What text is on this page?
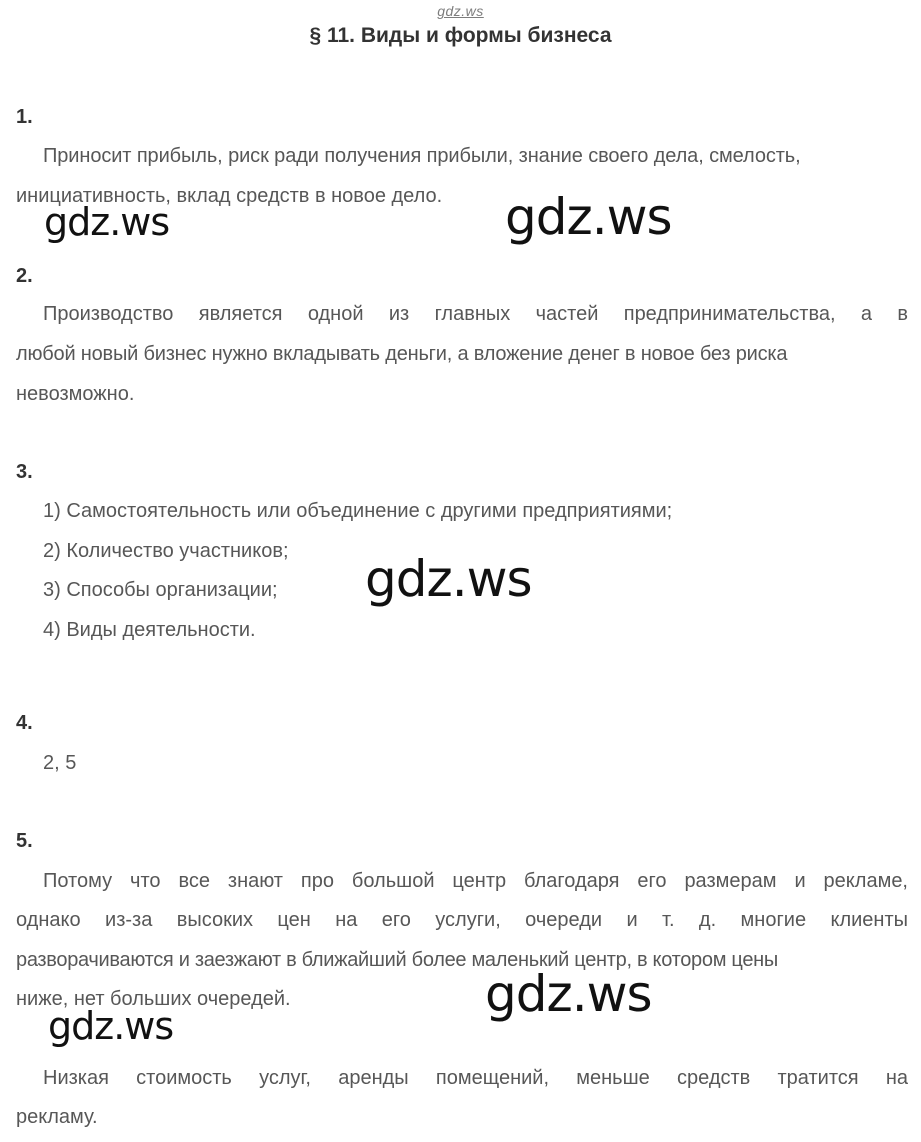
gdz.ws
§ 11. Виды и формы бизнеса
1.
Приносит прибыль, риск ради получения прибыли, знание своего дела, смелость,
инициативность, вклад средств в новое дело.
gdz.ws	gdz.ws
2.
Производство является одной из главных частей предпринимательства, а в
любой новый бизнес нужно вкладывать деньги, а вложение денег в новое без риска
невозможно.
3.
1) Самостоятельность или объединение с другими предприятиями;
2) Количество участников;
3) Способы организации;
4) Виды деятельности.
gdz.ws
4.
2, 5
5.
Потому что все знают про большой центр благодаря его размерам и рекламе,
однако из-за высоких цен на его услуги, очереди и т. д. многие клиенты
разворачиваются и заезжают в ближайший более маленький центр, в котором цены
ниже, нет больших очередей.	gdz.ws
gdz.ws
Низкая стоимость услуг, аренды помещений, меньше средств тратится на
рекламу.
